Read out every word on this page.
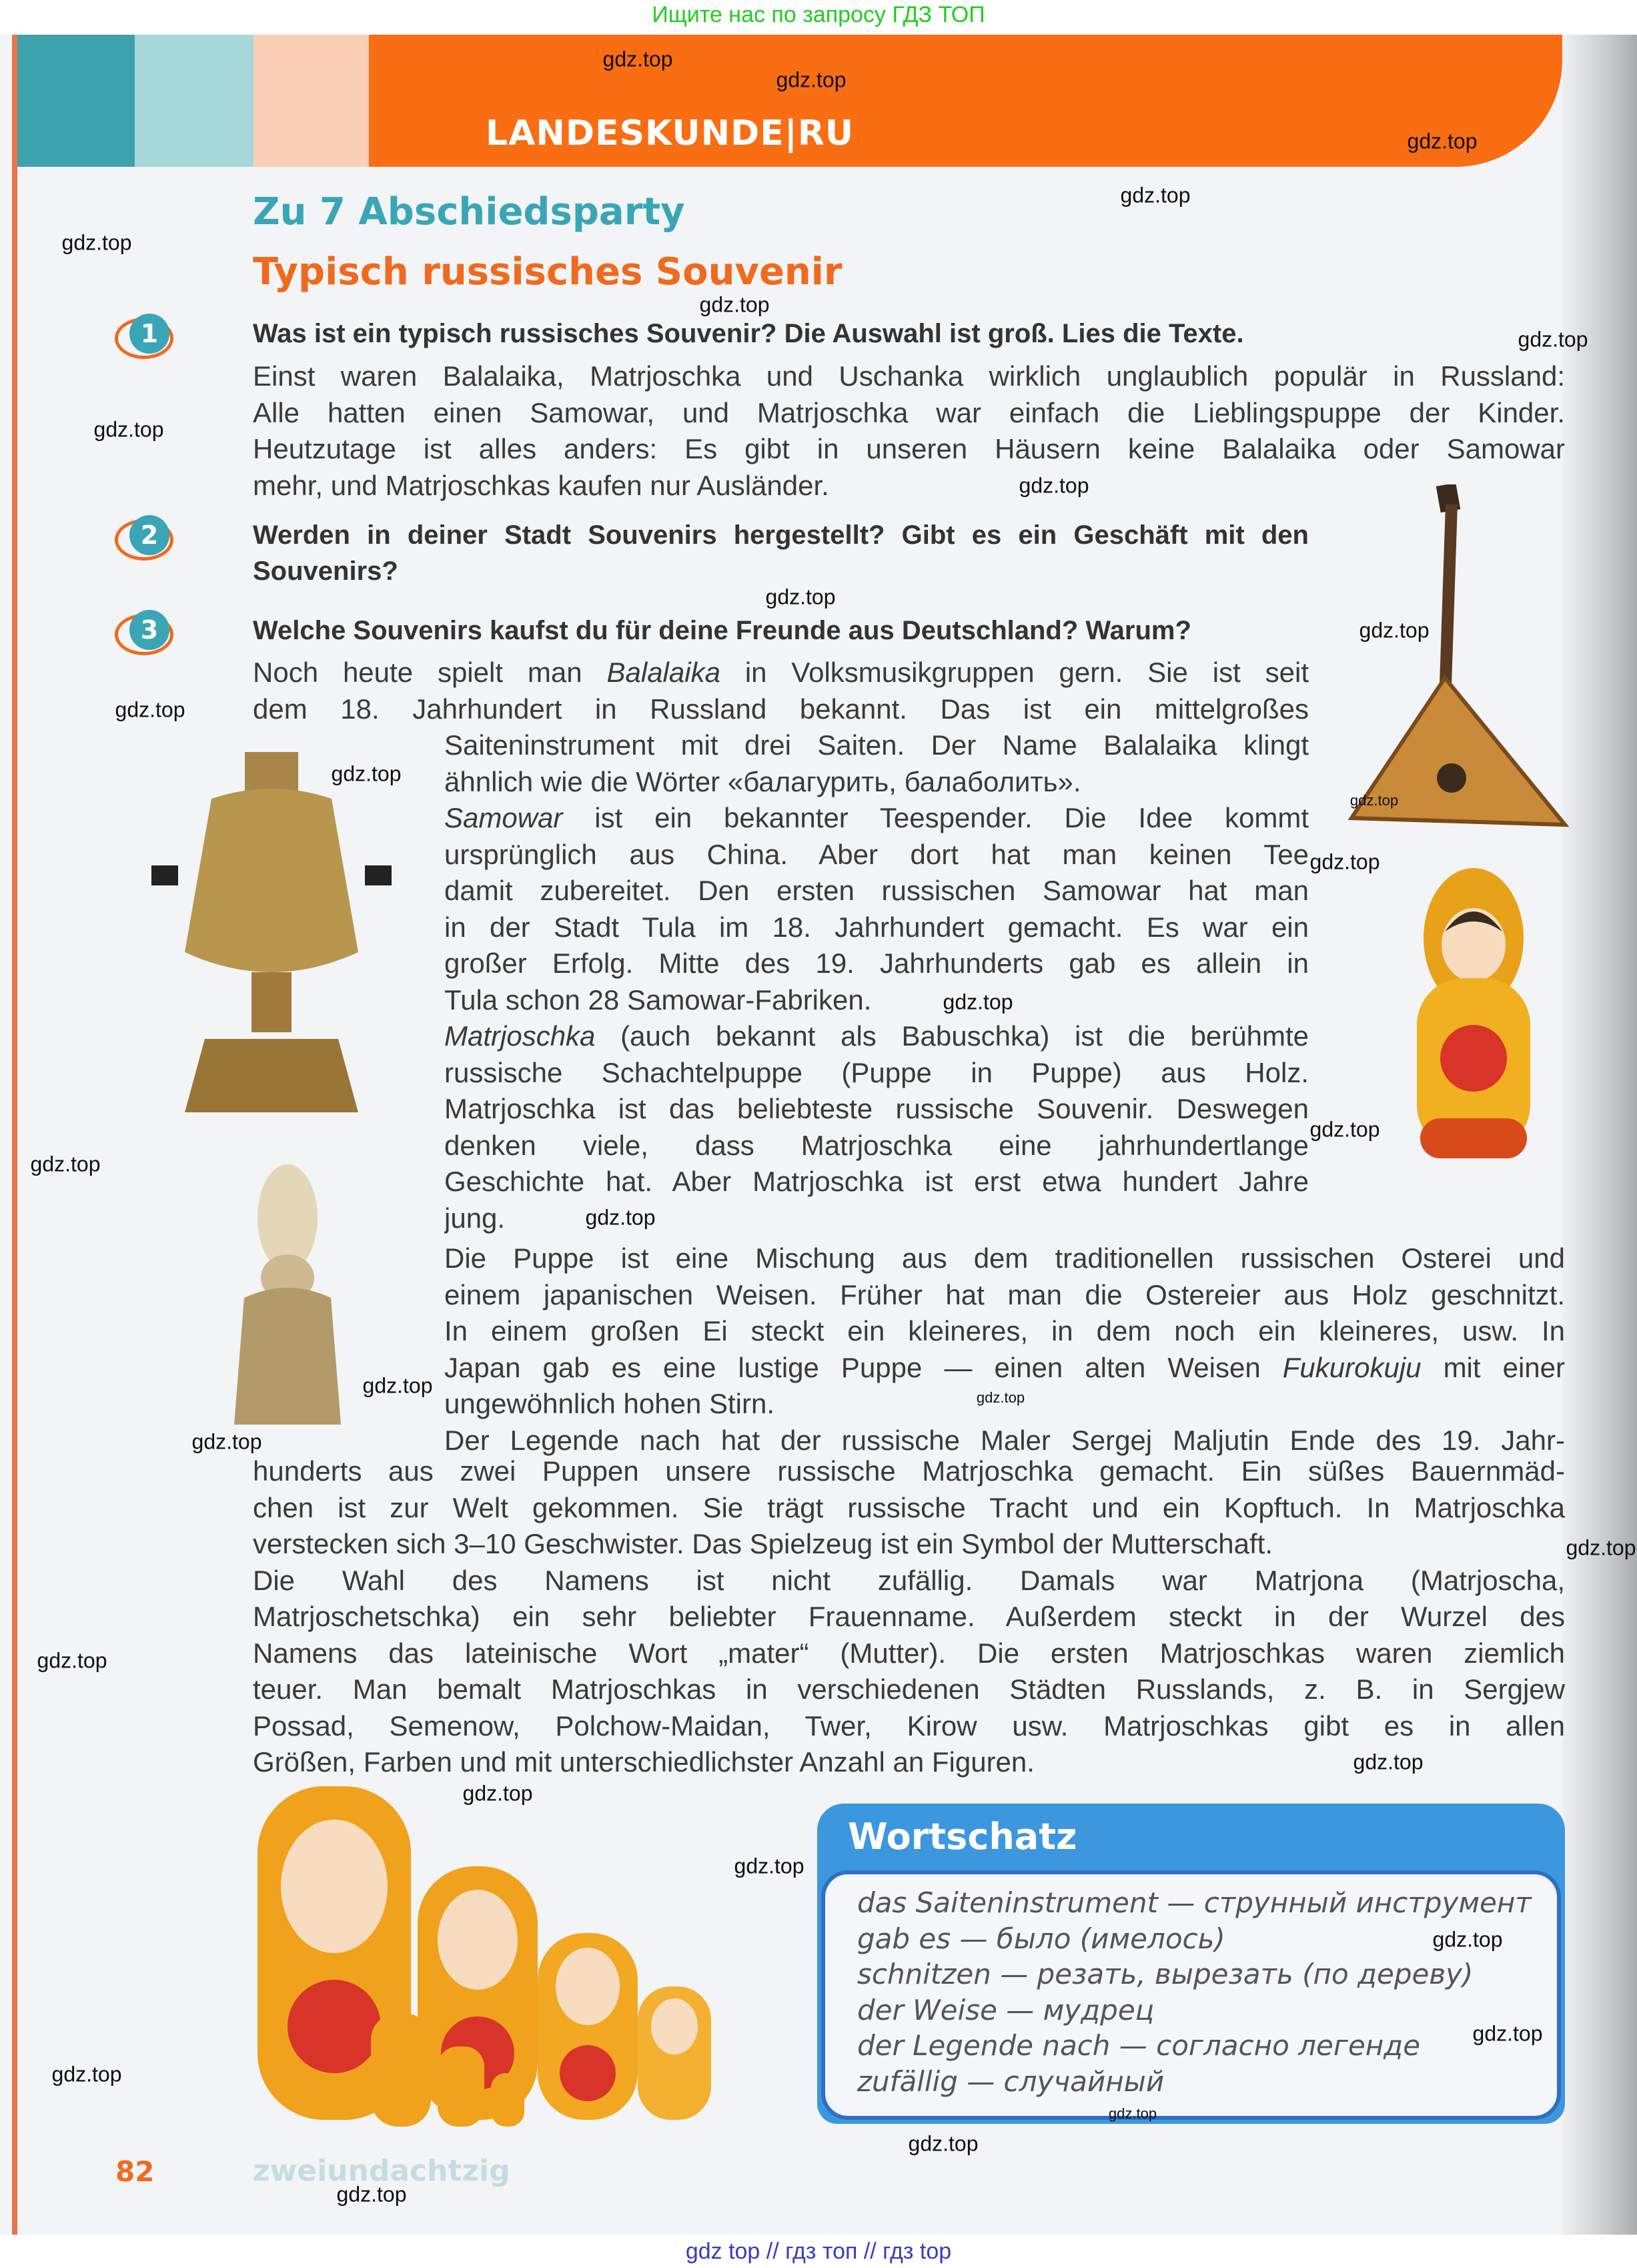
Ищите нас по запросу ГДЗ ТОП
LANDESKUNDE|RU
Zu 7 Abschiedsparty
Typisch russisches Souvenir
1	Was ist ein typisch russisches Souvenir? Die Auswahl ist groß. Lies die Texte.
2	Werden in deiner Stadt Souvenirs hergestellt? Gibt es ein Geschäft mit den Souvenirs?
3	Welche Souvenirs kaufst du für deine Freunde aus Deutschland? Warum?
Einst waren Balalaika, Matrjoschka und Uschanka wirklich unglaublich populär in Russland:
Alle hatten einen Samowar, und Matrjoschka war einfach die Lieblingspuppe der Kinder.
Heutzutage ist alles anders: Es gibt in unseren Häusern keine Balalaika oder Samowar
mehr, und Matrjoschkas kaufen nur Ausländer.
Noch heute spielt man Balalaika in Volksmusikgruppen gern. Sie ist seit
dem 18. Jahrhundert in Russland bekannt. Das ist ein mittelgroßes
Saiteninstrument mit drei Saiten. Der Name Balalaika klingt
ähnlich wie die Wörter «балагурить, балаболить».
Samowar ist ein bekannter Teespender. Die Idee kommt
ursprünglich aus China. Aber dort hat man keinen Tee
damit zubereitet. Den ersten russischen Samowar hat man
in der Stadt Tula im 18. Jahrhundert gemacht. Es war ein
großer Erfolg. Mitte des 19. Jahrhunderts gab es allein in
Tula schon 28 Samowar-Fabriken.
Matrjoschka (auch bekannt als Babuschka) ist die berühmte
russische Schachtelpuppe (Puppe in Puppe) aus Holz.
Matrjoschka ist das beliebteste russische Souvenir. Deswegen
denken viele, dass Matrjoschka eine jahrhundertlange
Geschichte hat. Aber Matrjoschka ist erst etwa hundert Jahre
jung.
Die Puppe ist eine Mischung aus dem traditionellen russischen Osterei und
einem japanischen Weisen. Früher hat man die Ostereier aus Holz geschnitzt.
In einem großen Ei steckt ein kleineres, in dem noch ein kleineres, usw. In
Japan gab es eine lustige Puppe — einen alten Weisen Fukurokuju mit einer
ungewöhnlich hohen Stirn.
Der Legende nach hat der russische Maler Sergej Maljutin Ende des 19. Jahr-
hunderts aus zwei Puppen unsere russische Matrjoschka gemacht. Ein süßes Bauernmäd-
chen ist zur Welt gekommen. Sie trägt russische Tracht und ein Kopftuch. In Matrjoschka
verstecken sich 3–10 Geschwister. Das Spielzeug ist ein Symbol der Mutterschaft.
Die Wahl des Namens ist nicht zufällig. Damals war Matrjona (Matrjoscha,
Matrjoschetschka) ein sehr beliebter Frauenname. Außerdem steckt in der Wurzel des
Namens das lateinische Wort „mater“ (Mutter). Die ersten Matrjoschkas waren ziemlich
teuer. Man bemalt Matrjoschkas in verschiedenen Städten Russlands, z. B. in Sergjew
Possad, Semenow, Polchow-Maidan, Twer, Kirow usw. Matrjoschkas gibt es in allen
Größen, Farben und mit unterschiedlichster Anzahl an Figuren.
Wortschatz
das Saiteninstrument — струнный инструмент
gab es — было (имелось)
schnitzen — резать, вырезать (по дереву)
der Weise — мудрец
der Legende nach — согласно легенде
zufällig — случайный
82	zweiundachtzig
gdz.top
gdz.top
gdz.top
gdz.top
gdz.top
gdz.top
gdz.top
gdz.top
gdz.top
gdz.top
gdz.top
gdz.top
gdz.top
gdz.top
gdz.top
gdz.top
gdz.top
gdz.top
gdz.top
gdz.top	gdz.top
gdz.top
gdz.top
gdz.top
gdz.top
gdz.top
gdz.top
gdz.top
gdz.top
gdz.top
gdz.top
gdz.top
gdz.top
gdz top // гдз топ // гдз top
